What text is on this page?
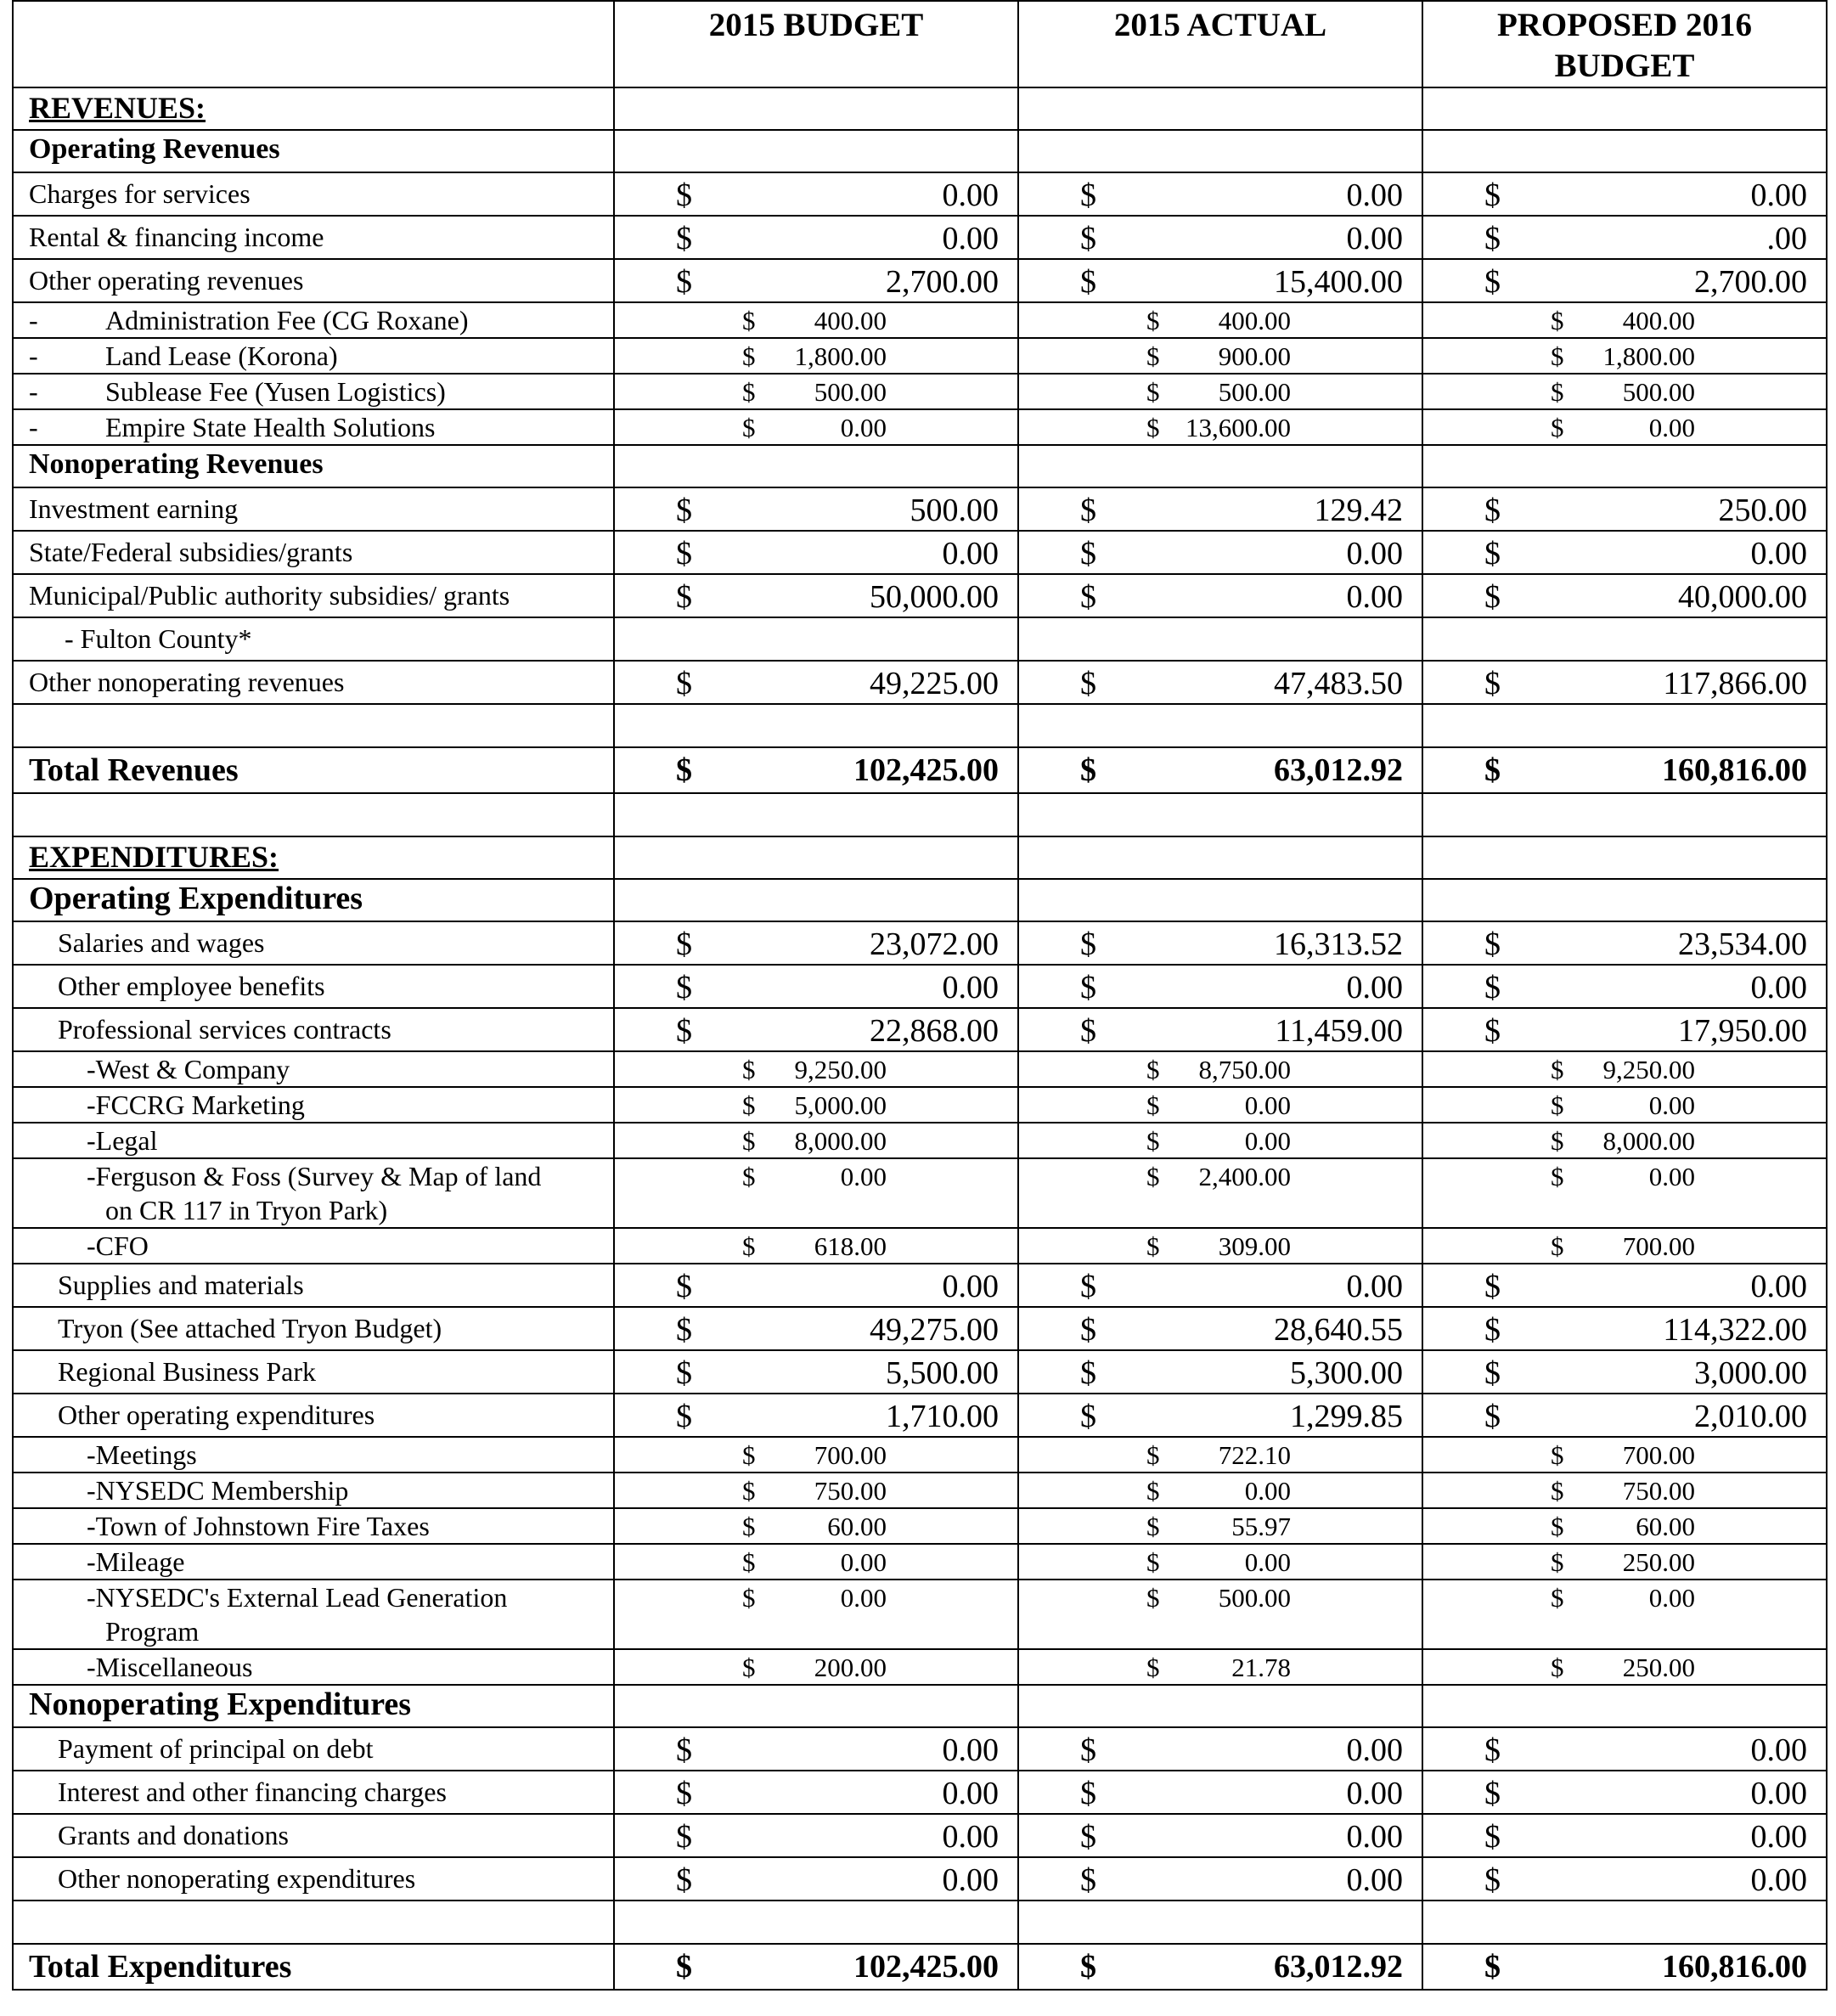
	2015 BUDGET	2015 ACTUAL	PROPOSED 2016 BUDGET

REVENUES:			
Operating Revenues			

Charges for services	$ 0.00	$ 0.00	$ 0.00

Rental & financing income	$ 0.00	$ 0.00	$ .00

Other operating revenues	$ 2,700.00	$ 15,400.00	$ 2,700.00

- Administration Fee (CG Roxane)	$ 400.00	$ 400.00	$ 400.00

- Land Lease (Korona)	$ 1,800.00	$ 900.00	$ 1,800.00

- Sublease Fee (Yusen Logistics)	$ 500.00	$ 500.00	$ 500.00

- Empire State Health Solutions	$ 0.00	$ 13,600.00	$ 0.00

Nonoperating Revenues			

Investment earning	$ 500.00	$ 129.42	$ 250.00

State/Federal subsidies/grants	$ 0.00	$ 0.00	$ 0.00

Municipal/Public authority subsidies/ grants	$ 50,000.00	$ 0.00	$ 40,000.00

- Fulton County*			

Other nonoperating revenues	$ 49,225.00	$ 47,483.50	$ 117,866.00

Total Revenues	$ 102,425.00	$ 63,012.92	$ 160,816.00

EXPENDITURES:			
Operating Expenditures			

Salaries and wages	$ 23,072.00	$ 16,313.52	$ 23,534.00

Other employee benefits	$ 0.00	$ 0.00	$ 0.00

Professional services contracts	$ 22,868.00	$ 11,459.00	$ 17,950.00

-West & Company	$ 9,250.00	$ 8,750.00	$ 9,250.00

-FCCRG Marketing	$ 5,000.00	$ 0.00	$ 0.00

-Legal	$ 8,000.00	$ 0.00	$ 8,000.00

-Ferguson & Foss (Survey & Map of land
on CR 117 in Tryon Park)	$ 0.00	$ 2,400.00	$ 0.00

-CFO	$ 618.00	$ 309.00	$ 700.00

Supplies and materials	$ 0.00	$ 0.00	$ 0.00

Tryon (See attached Tryon Budget)	$ 49,275.00	$ 28,640.55	$ 114,322.00

Regional Business Park	$ 5,500.00	$ 5,300.00	$ 3,000.00

Other operating expenditures	$ 1,710.00	$ 1,299.85	$ 2,010.00

-Meetings	$ 700.00	$ 722.10	$ 700.00

-NYSEDC Membership	$ 750.00	$ 0.00	$ 750.00

-Town of Johnstown Fire Taxes	$ 60.00	$ 55.97	$ 60.00

-Mileage	$ 0.00	$ 0.00	$ 250.00

-NYSEDC's External Lead Generation
Program	$ 0.00	$ 500.00	$ 0.00

-Miscellaneous	$ 200.00	$ 21.78	$ 250.00

Nonoperating Expenditures			

Payment of principal on debt	$ 0.00	$ 0.00	$ 0.00

Interest and other financing charges	$ 0.00	$ 0.00	$ 0.00

Grants and donations	$ 0.00	$ 0.00	$ 0.00

Other nonoperating expenditures	$ 0.00	$ 0.00	$ 0.00

Total Expenditures	$ 102,425.00	$ 63,012.92	$ 160,816.00
